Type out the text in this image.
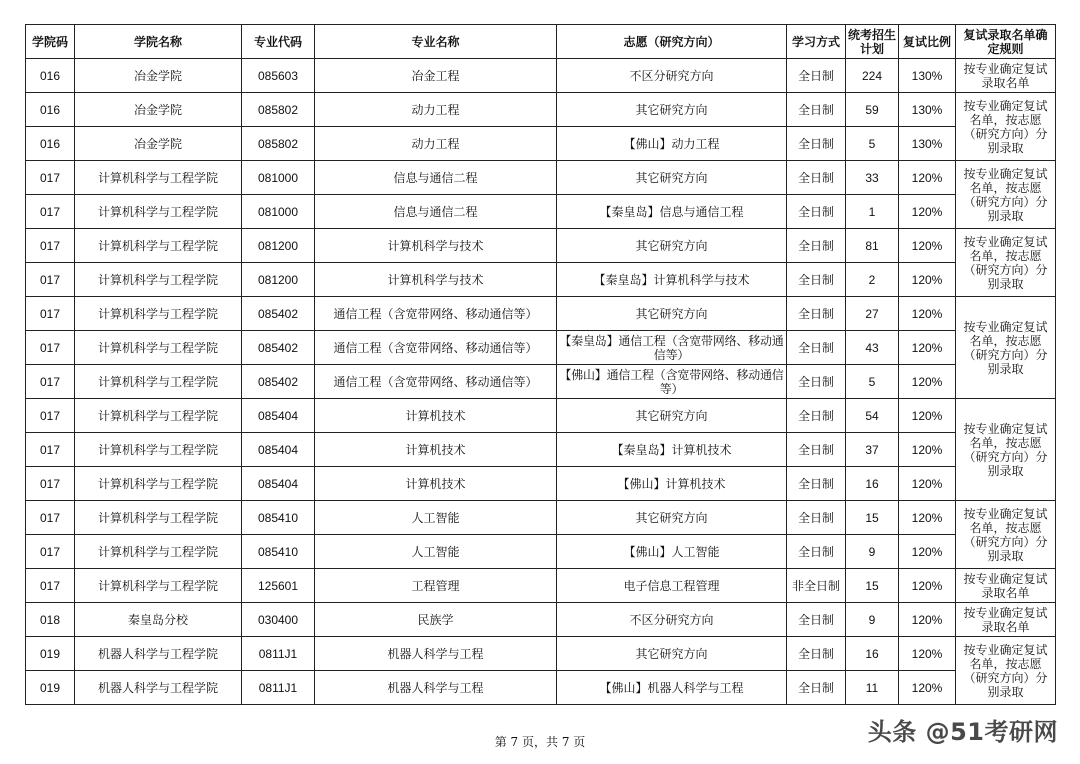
学院码	学院名称	专业代码	专业名称	志愿（研究方向）	学习方式	统考招生计划	复试比例	复试录取名单确定规则
016	冶金学院	085603	冶金工程	不区分研究方向	全日制	224	130%	按专业确定复试录取名单
016	冶金学院	085802	动力工程	其它研究方向	全日制	59	130%	按专业确定复试名单，按志愿（研究方向）分别录取
016	冶金学院	085802	动力工程	【佛山】动力工程	全日制	5	130%	
017	计算机科学与工程学院	081000	信息与通信二程	其它研究方向	全日制	33	120%	按专业确定复试名单，按志愿（研究方向）分别录取
017	计算机科学与工程学院	081000	信息与通信二程	【秦皇岛】信息与通信工程	全日制	1	120%	
017	计算机科学与工程学院	081200	计算机科学与技术	其它研究方向	全日制	81	120%	按专业确定复试名单，按志愿（研究方向）分别录取
017	计算机科学与工程学院	081200	计算机科学与技术	【秦皇岛】计算机科学与技术	全日制	2	120%	
017	计算机科学与工程学院	085402	通信工程（含宽带网络、移动通信等）	其它研究方向	全日制	27	120%	按专业确定复试名单，按志愿（研究方向）分别录取
017	计算机科学与工程学院	085402	通信工程（含宽带网络、移动通信等）	【秦皇岛】通信工程（含宽带网络、移动通信等）	全日制	43	120%	
017	计算机科学与工程学院	085402	通信工程（含宽带网络、移动通信等）	【佛山】通信工程（含宽带网络、移动通信等）	全日制	5	120%	
017	计算机科学与工程学院	085404	计算机技术	其它研究方向	全日制	54	120%	按专业确定复试名单，按志愿（研究方向）分别录取
017	计算机科学与工程学院	085404	计算机技术	【秦皇岛】计算机技术	全日制	37	120%	
017	计算机科学与工程学院	085404	计算机技术	【佛山】计算机技术	全日制	16	120%	
017	计算机科学与工程学院	085410	人工智能	其它研究方向	全日制	15	120%	按专业确定复试名单，按志愿（研究方向）分别录取
017	计算机科学与工程学院	085410	人工智能	【佛山】人工智能	全日制	9	120%	
017	计算机科学与工程学院	125601	工程管理	电子信息工程管理	非全日制	15	120%	按专业确定复试录取名单
018	秦皇岛分校	030400	民族学	不区分研究方向	全日制	9	120%	按专业确定复试录取名单
019	机器人科学与工程学院	0811J1	机器人科学与工程	其它研究方向	全日制	16	120%	按专业确定复试名单，按志愿（研究方向）分别录取
019	机器人科学与工程学院	0811J1	机器人科学与工程	【佛山】机器人科学与工程	全日制	11	120%	
第 7 页，共 7 页	头条 @51考研网
